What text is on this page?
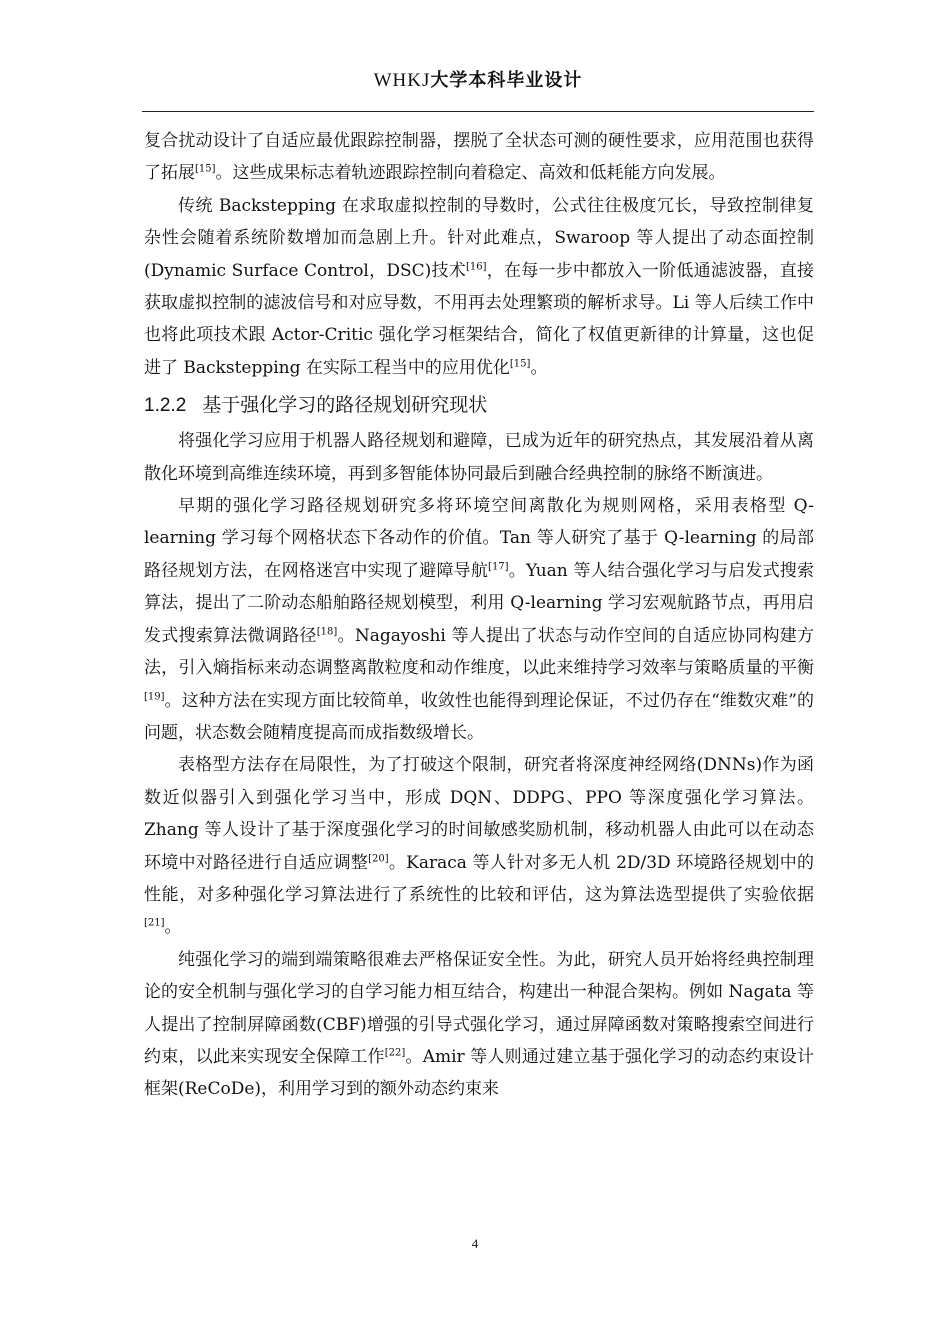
WHKJ大学本科毕业设计

复合扰动设计了自适应最优跟踪控制器，摆脱了全状态可测的硬性要求，应用范围也获得了拓展[15]。这些成果标志着轨迹跟踪控制向着稳定、高效和低耗能方向发展。

传统 Backstepping 在求取虚拟控制的导数时，公式往往极度冗长，导致控制律复杂性会随着系统阶数增加而急剧上升。针对此难点，Swaroop 等人提出了动态面控制(Dynamic Surface Control，DSC)技术[16]，在每一步中都放入一阶低通滤波器，直接获取虚拟控制的滤波信号和对应导数，不用再去处理繁琐的解析求导。Li 等人后续工作中也将此项技术跟 Actor-Critic 强化学习框架结合，简化了权值更新律的计算量，这也促进了 Backstepping 在实际工程当中的应用优化[15]。

1.2.2 基于强化学习的路径规划研究现状

将强化学习应用于机器人路径规划和避障，已成为近年的研究热点，其发展沿着从离散化环境到高维连续环境，再到多智能体协同最后到融合经典控制的脉络不断演进。

早期的强化学习路径规划研究多将环境空间离散化为规则网格，采用表格型 Q-learning 学习每个网格状态下各动作的价值。Tan 等人研究了基于 Q-learning 的局部路径规划方法，在网格迷宫中实现了避障导航[17]。Yuan 等人结合强化学习与启发式搜索算法，提出了二阶动态船舶路径规划模型，利用 Q-learning 学习宏观航路节点，再用启发式搜索算法微调路径[18]。Nagayoshi 等人提出了状态与动作空间的自适应协同构建方法，引入熵指标来动态调整离散粒度和动作维度，以此来维持学习效率与策略质量的平衡[19]。这种方法在实现方面比较简单，收敛性也能得到理论保证，不过仍存在“维数灾难”的问题，状态数会随精度提高而成指数级增长。

表格型方法存在局限性，为了打破这个限制，研究者将深度神经网络(DNNs)作为函数近似器引入到强化学习当中，形成 DQN、DDPG、PPO 等深度强化学习算法。Zhang 等人设计了基于深度强化学习的时间敏感奖励机制，移动机器人由此可以在动态环境中对路径进行自适应调整[20]。Karaca 等人针对多无人机 2D/3D 环境路径规划中的性能，对多种强化学习算法进行了系统性的比较和评估，这为算法选型提供了实验依据[21]。

纯强化学习的端到端策略很难去严格保证安全性。为此，研究人员开始将经典控制理论的安全机制与强化学习的自学习能力相互结合，构建出一种混合架构。例如 Nagata 等人提出了控制屏障函数(CBF)增强的引导式强化学习，通过屏障函数对策略搜索空间进行约束，以此来实现安全保障工作[22]。Amir 等人则通过建立基于强化学习的动态约束设计框架(ReCoDe)，利用学习到的额外动态约束来

4
